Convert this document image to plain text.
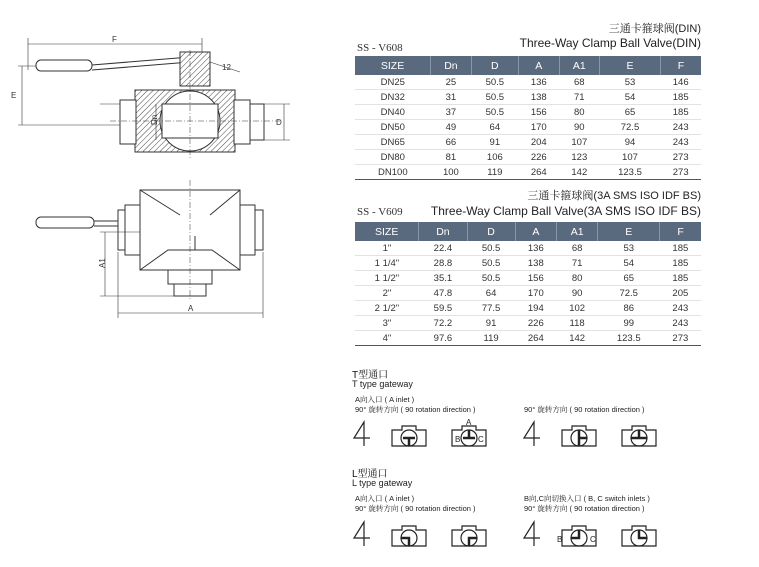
F
E
12
Dn	D
A1
A
三通卡箍球阀(DIN)
Three-Way Clamp Ball Valve(DIN)
SS - V608
SIZE	Dn	D	A	A1	E	F
DN25	25	50.5	136	68	53	146
DN32	31	50.5	138	71	54	185
DN40	37	50.5	156	80	65	185
DN50	49	64	170	90	72.5	243
DN65	66	91	204	107	94	243
DN80	81	106	226	123	107	273
DN100	100	119	264	142	123.5	273
三通卡箍球阀(3A SMS ISO IDF BS)
Three-Way Clamp Ball Valve(3A SMS ISO IDF BS)
SS - V609
SIZE	Dn	D	A	A1	E	F
1"	22.4	50.5	136	68	53	185
1 1/4"	28.8	50.5	138	71	54	185
1 1/2"	35.1	50.5	156	80	65	185
2"	47.8	64	170	90	72.5	205
2 1/2"	59.5	77.5	194	102	86	243
3"	72.2	91	226	118	99	243
4"	97.6	119	264	142	123.5	273
T型通口
T type gateway
A向入口 ( A inlet )
90° 旋转方向 ( 90 rotation direction )	90° 旋转方向 ( 90 rotation direction )
A
B C
L型通口
L type gateway
A向入口 ( A inlet )
90° 旋转方向 ( 90 rotation direction )
B向,C向切换入口 ( B, C switch inlets )
90° 旋转方向 ( 90 rotation direction )
B	C
